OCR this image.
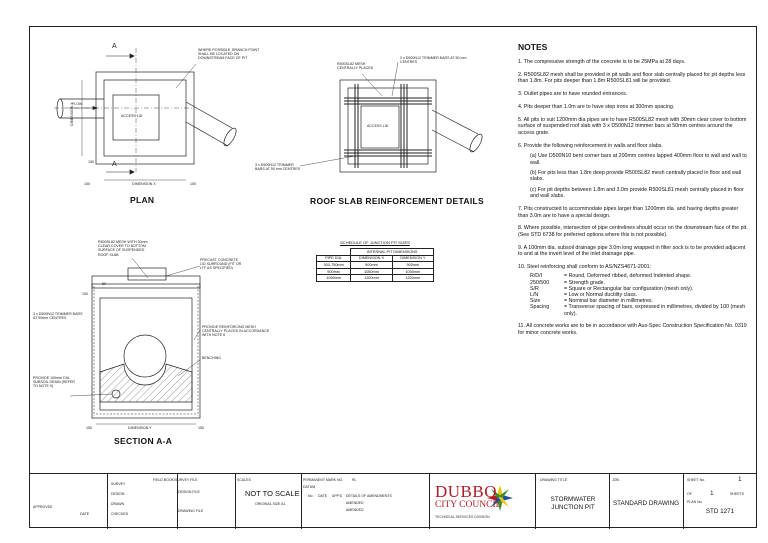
A
A
WHERE POSSIBLE, BRANCH POINT SHALL BE LOCATED ON DOWNSTREAM FACE OF PIT
FLOW
ACCESS LID
DIMENSION Y
DIMENSION X
150	150
150
PLAN
R500SL82 MESH CENTRALLY PLACED
3 x D500N12 TRIMMER BARS AT 50 mm CENTRES
ACCESS LID
3 x D500N12 TRIMMER BARS AT 50 mm CENTRES
ROOF SLAB REINFORCEMENT DETAILS
R500SL82 MESH WITH 30mm CLEAR COVER TO BOTTOM SURFACE OF SUSPENDED ROOF SLAB
PRECAST CONCRETE LID SURROUND (FIT OR LTF AS SPECIFIED)
3 x D500N12 TRIMMER BARS AT 50mm CENTRES
PROVIDE REINFORCING MESH CENTRALLY PLACED IN ACCORDANCE WITH NOTE 6
BENCHING
PROVIDE 100mm DIA. SUBSOIL DRAIN (REFER TO NOTE 9)
DIMENSION Y
150	150
50
150
SECTION A-A
SCHEDULE OF JUNCTION PIT SIZES
	INTERNAL PIT DIMENSIONS	
PIPE DIA.	DIMENSION X	DIMENSION Y
300-750mm	900mm	900mm
900mm	1050mm	1050mm
1050mm	1200mm	1200mm
NOTES
1. The compressive strength of the concrete is to be 25MPa at 28 days.
2. R500SL82 mesh shall be provided in pit walls and floor slab centrally placed for pit depths less than 1.8m. For pits deeper than 1.8m R500SL81 will be provided.
3. Outlet pipes are to have rounded entrances.
4. Pits deeper than 1.0m are to have step irons at 300mm spacing.
5. All pits to suit 1200mm dia pipes are to have R500SL82 mesh with 30mm clear cover to bottom surface of suspended roof slab with 3 x D500N12 trimmer bars at 50mm centres around the access grate.
6. Provide the following reinforcement in walls and floor slabs.
(a) Use D500N10 bent corner bars at 200mm centres lapped 400mm floor to wall and wall to wall.
(b) For pits less than 1.8m deep provide R500SL82 mesh centrally placed in floor and wall slabs.
(c) For pit depths between 1.8m and 3.0m provide R500SL81 mesh centrally placed in floor and wall slabs.
7. Pits constructed to accommodate pipes larger than 1200mm dia. and having depths greater than 3.0m are to have a special design.
8. Where possible, intersection of pipe centrelines should occur on the downstream face of the pit. (See STD 6738 for preferred options where this is not possible).
9. A 100mm dia. subsoil drainage pipe 3.0m long wrapped in filter sock is to be provided adjacent to and at the invert level of the inlet drainage pipe.
10. Steel reinforcing shall conform to AS/NZS4671-2001:
R/D/I	= Round, Deformed ribbed, deformed Indented shape.
250/500	= Strength grade.
S/R	= Square or Rectangular bar configuration (mesh only).
L/N	= Low or Normal ductility class.
Size	= Nominal bar diameter in millimetres.
Spacing	= Transverse spacing of bars, expressed in millimetres, divided by 100 (mesh only).
11. All concrete works are to be in accordance with Aus-Spec Construction Specification No. 0319 for minor concrete works.
SURVEY
DESIGN
DRAWN
CHECKED
APPROVED
DATE
FIELD BOOK/SURVEY FILE
DESIGN FILE
DRAWING FILE
SCALES
NOT TO SCALE
ORIGINAL SIZE A1
PERMANENT MARK NO.	RL
DATUM
No. DATE APP'D DETAILS OF AMENDMENTS
AMENDED
AMENDED
DUBBO
CITY COUNCIL
TECHNICAL SERVICES DIVISION
DRAWING TITLE
STORMWATER
JUNCTION PIT
JOB
STANDARD DRAWING
SHEET No.	1
OF	1	SHEETS
PLAN No.
STD 1271
